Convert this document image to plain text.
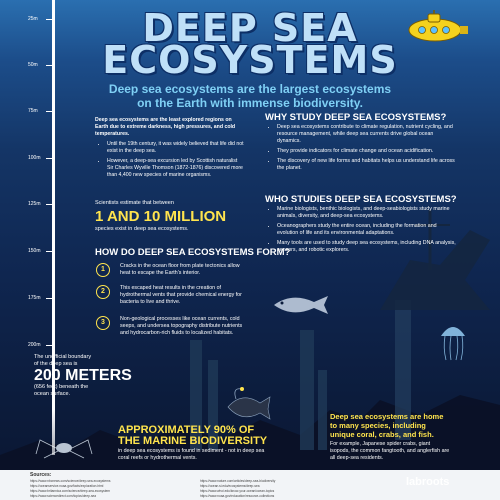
25m
50m
75m
100m
125m
150m
175m
200m
DEEP SEA
ECOSYSTEMS
Deep sea ecosystems are the largest ecosystems
on the Earth with immense biodiversity.
Deep sea ecosystems are the least explored regions on Earth due to extreme darkness, high pressures, and cold temperatures.
• Until the 19th century, it was widely believed that life did not exist in the deep sea.
• However, a deep-sea excursion led by Scottish naturalist Sir Charles Wyville Thomson (1872-1876) discovered more than 4,400 new species of marine organisms.
Scientists estimate that between
1 AND 10 MILLION
species exist in deep sea ecosystems.
HOW DO DEEP SEA ECOSYSTEMS FORM?
1	Cracks in the ocean floor from plate tectonics allow heat to escape the Earth's interior.
2	This escaped heat results in the creation of hydrothermal vents that provide chemical energy for bacteria to live and thrive.
3	Non-geological processes like ocean currents, cold seeps, and undersea topography distribute nutrients and hydrocarbon-rich fluids to localized habitats.
WHY STUDY DEEP SEA ECOSYSTEMS?
• Deep sea ecosystems contribute to climate regulation, nutrient cycling, and resource management, while deep sea currents drive global ocean dynamics.
• They provide indicators for climate change and ocean acidification.
• The discovery of new life forms and habitats helps us understand life across the planet.
WHO STUDIES DEEP SEA ECOSYSTEMS?
• Marine biologists, benthic biologists, and deep-seabiologists study marine animals, diversity, and deep-sea ecosystems.
• Oceanographers study the entire ocean, including the formation and evolution of life and its environmental adaptations.
• Many tools are used to study deep sea ecosystems, including DNA analysis, sensors, and robotic explorers.
The unofficial boundary of the deep sea is
200 METERS
(656 feet) beneath the ocean surface.
APPROXIMATELY 90% OF THE MARINE BIODIVERSITY
in deep sea ecosystems is found in sediment - not in deep sea coral reefs or hydrothermal vents.
Deep sea ecosystems are home to many species, including unique coral, crabs, and fish.
For example, Japanese spider crabs, giant isopods, the common fangtooth, and anglerfish are all deep-sea residents.
Sources:
https://www.nbcnews.com/science/deep-sea-ecosystems
https://oceanservice.noaa.gov/facts/exploration.html
https://www.britannica.com/science/deep-sea-ecosystem
https://www.sciencedirect.com/topics/deep-sea
https://www.nature.com/articles/deep-sea-biodiversity
https://ocean.si.edu/ecosystems/deep-sea
https://www.whoi.edu/know-your-ocean/ocean-topics
https://www.noaa.gov/education/resource-collections
labroots
